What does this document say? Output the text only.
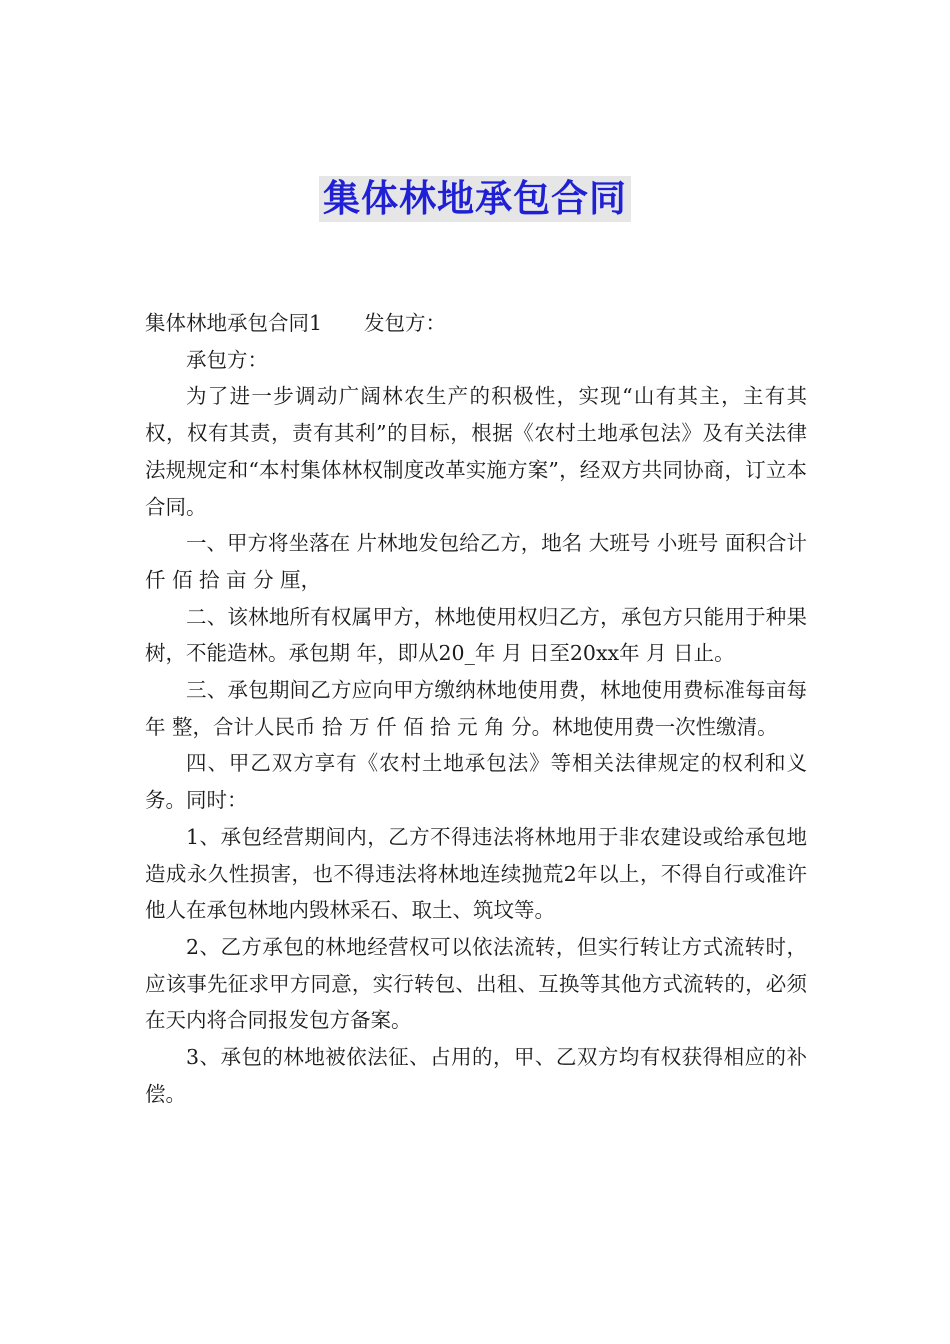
集体林地承包合同

集体林地承包合同1 发包方：

承包方：

为了进一步调动广阔林农生产的积极性，实现“山有其主，主有其权，权有其责，责有其利”的目标，根据《农村土地承包法》及有关法律法规规定和“本村集体林权制度改革实施方案”，经双方共同协商，订立本合同。

一、甲方将坐落在 片林地发包给乙方，地名 大班号 小班号 面积合计 仟 佰 拾 亩 分 厘，

二、该林地所有权属甲方，林地使用权归乙方，承包方只能用于种果树，不能造林。承包期 年，即从20_年 月 日至20xx年 月 日止。

三、承包期间乙方应向甲方缴纳林地使用费，林地使用费标准每亩每年 整，合计人民币 拾 万 仟 佰 拾 元 角 分。林地使用费一次性缴清。

四、甲乙双方享有《农村土地承包法》等相关法律规定的权利和义务。同时：

1、承包经营期间内，乙方不得违法将林地用于非农建设或给承包地造成永久性损害，也不得违法将林地连续抛荒2年以上，不得自行或准许他人在承包林地内毁林采石、取土、筑坟等。

2、乙方承包的林地经营权可以依法流转，但实行转让方式流转时，应该事先征求甲方同意，实行转包、出租、互换等其他方式流转的，必须在天内将合同报发包方备案。

3、承包的林地被依法征、占用的，甲、乙双方均有权获得相应的补偿。
